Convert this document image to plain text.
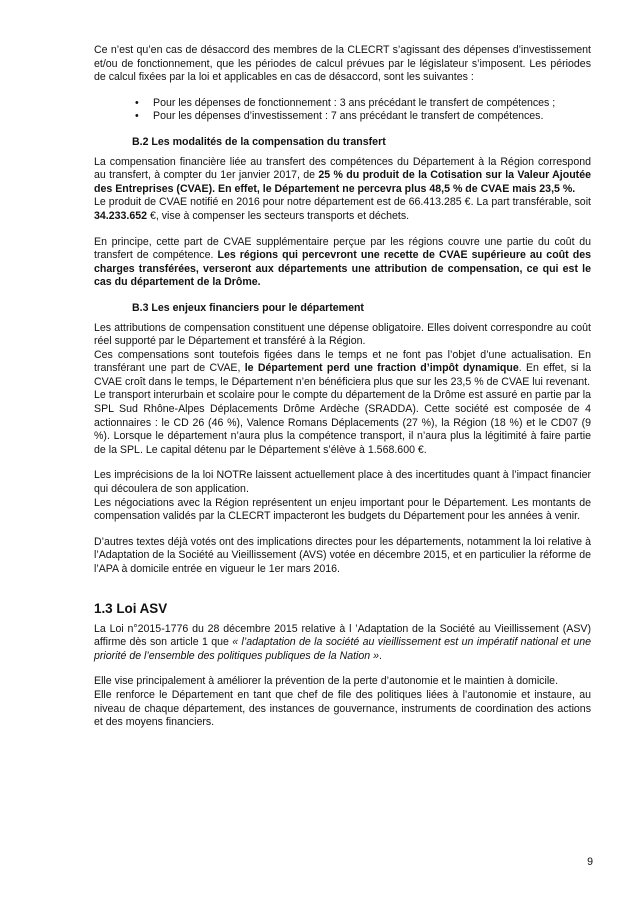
Ce n’est qu’en cas de désaccord des membres de la CLECRT s’agissant des dépenses d’investissement et/ou de fonctionnement, que les périodes de calcul prévues par le législateur s’imposent. Les périodes de calcul fixées par la loi et applicables en cas de désaccord, sont les suivantes :

• Pour les dépenses de fonctionnement : 3 ans précédant le transfert de compétences ;
• Pour les dépenses d’investissement : 7 ans précédant le transfert de compétences.

B.2 Les modalités de la compensation du transfert

La compensation financière liée au transfert des compétences du Département à la Région correspond au transfert, à compter du 1er janvier 2017, de 25 % du produit de la Cotisation sur la Valeur Ajoutée des Entreprises (CVAE). En effet, le Département ne percevra plus 48,5 % de CVAE mais 23,5 %.

Le produit de CVAE notifié en 2016 pour notre département est de 66.413.285 €. La part transférable, soit 34.233.652 €, vise à compenser les secteurs transports et déchets.

En principe, cette part de CVAE supplémentaire perçue par les régions couvre une partie du coût du transfert de compétence. Les régions qui percevront une recette de CVAE supérieure au coût des charges transférées, verseront aux départements une attribution de compensation, ce qui est le cas du département de la Drôme.

B.3 Les enjeux financiers pour le département

Les attributions de compensation constituent une dépense obligatoire. Elles doivent correspondre au coût réel supporté par le Département et transféré à la Région.

Ces compensations sont toutefois figées dans le temps et ne font pas l’objet d’une actualisation. En transférant une part de CVAE, le Département perd une fraction d’impôt dynamique. En effet, si la CVAE croît dans le temps, le Département n’en bénéficiera plus que sur les 23,5 % de CVAE lui revenant.

Le transport interurbain et scolaire pour le compte du département de la Drôme est assuré en partie par la SPL Sud Rhône-Alpes Déplacements Drôme Ardèche (SRADDA). Cette société est composée de 4 actionnaires : le CD 26 (46 %), Valence Romans Déplacements (27 %), la Région (18 %) et le CD07 (9 %). Lorsque le département n’aura plus la compétence transport, il n’aura plus la légitimité à faire partie de la SPL. Le capital détenu par le Département s’élève à 1.568.600 €.

Les imprécisions de la loi NOTRe laissent actuellement place à des incertitudes quant à l’impact financier qui découlera de son application.

Les négociations avec la Région représentent un enjeu important pour le Département. Les montants de compensation validés par la CLECRT impacteront les budgets du Département pour les années à venir.

D’autres textes déjà votés ont des implications directes pour les départements, notamment la loi relative à l’Adaptation de la Société au Vieillissement (AVS) votée en décembre 2015, et en particulier la réforme de l’APA à domicile entrée en vigueur le 1er mars 2016.

1.3 Loi ASV

La Loi n°2015-1776 du 28 décembre 2015 relative à l ’Adaptation de la Société au Vieillissement (ASV) affirme dès son article 1 que « l’adaptation de la société au vieillissement est un impératif national et une priorité de l’ensemble des politiques publiques de la Nation ».

Elle vise principalement à améliorer la prévention de la perte d’autonomie et le maintien à domicile.

Elle renforce le Département en tant que chef de file des politiques liées à l’autonomie et instaure, au niveau de chaque département, des instances de gouvernance, instruments de coordination des actions et des moyens financiers.

9
